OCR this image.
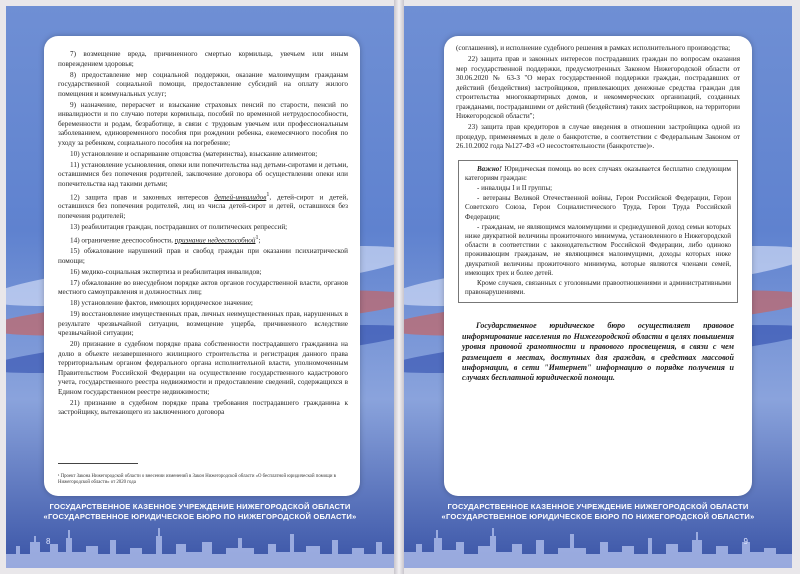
7) возмещение вреда, причиненного смертью кормильца, увечьем или иным повреждением здоровья;

8) предоставление мер социальной поддержки, оказание малоимущим гражданам государственной социальной помощи, предоставление субсидий на оплату жилого помещения и коммунальных услуг;

9) назначение, перерасчет и взыскание страховых пенсий по старости, пенсий по инвалидности и по случаю потери кормильца, пособий по временной нетрудоспособности, беременности и родам, безработице, в связи с трудовым увечьем или профессиональным заболеванием, единовременного пособия при рождении ребенка, ежемесячного пособия по уходу за ребенком, социального пособия на погребение;

10) установление и оспаривание отцовства (материнства), взыскание алиментов;

11) установление усыновления, опеки или попечительства над детьми-сиротами и детьми, оставшимися без попечения родителей, заключение договора об осуществлении опеки или попечительства над такими детьми;

12) защита прав и законных интересов детей-инвалидов$^1$, детей-сирот и детей, оставшихся без попечения родителей, лиц из числа детей-сирот и детей, оставшихся без попечения родителей;

13) реабилитация граждан, пострадавших от политических репрессий;

14) ограничение дееспособности, признание недееспособной$^1$;

15) обжалование нарушений прав и свобод граждан при оказании психиатрической помощи;

16) медико-социальная экспертиза и реабилитация инвалидов;

17) обжалование во внесудебном порядке актов органов государственной власти, органов местного самоуправления и должностных лиц;

18) установление фактов, имеющих юридическое значение;

19) восстановление имущественных прав, личных неимущественных прав, нарушенных в результате чрезвычайной ситуации, возмещение ущерба, причиненного вследствие чрезвычайной ситуации;

20) признание в судебном порядке права собственности пострадавшего гражданина на долю в объекте незавершенного жилищного строительства и регистрация данного права территориальным органом федерального органа исполнительной власти, уполномоченным Правительством Российской Федерации на осуществление государственного кадастрового учета, государственного реестра недвижимости и предоставление сведений, содержащихся в Едином государственном реестре недвижимости;

21) признание в судебном порядке права требования пострадавшего гражданина к застройщику, вытекающего из заключенного договора

¹ Проект Закона Нижегородской области о внесении изменений в Закон Нижегородской области «О бесплатной юридической помощи в Нижегородской области» от 2020 года
ГОСУДАРСТВЕННОЕ КАЗЕННОЕ УЧРЕЖДЕНИЕ НИЖЕГОРОДСКОЙ ОБЛАСТИ
«ГОСУДАРСТВЕННОЕ ЮРИДИЧЕСКОЕ БЮРО ПО НИЖЕГОРОДСКОЙ ОБЛАСТИ»
8

(соглашения), и исполнение судебного решения в рамках исполнительного производства;

22) защита прав и законных интересов пострадавших граждан по вопросам оказания мер государственной поддержки, предусмотренных Законом Нижегородской области от 30.06.2020 № 63-З "О мерах государственной поддержки граждан, пострадавших от действий (бездействия) застройщиков, привлекающих денежные средства граждан для строительства многоквартирных домов, и некоммерческих организаций, созданных гражданами, пострадавшими от действий (бездействия) таких застройщиков, на территории Нижегородской области";

23) защита прав кредиторов в случае введения в отношении застройщика одной из процедур, применяемых в деле о банкротстве, в соответствии с Федеральным Законом от 26.10.2002 года №127-ФЗ «О несостоятельности (банкротстве)».

Важно! Юридическая помощь во всех случаях оказывается бесплатно следующим категориям граждан:

- инвалиды I и II группы;

- ветераны Великой Отечественной войны, Герои Российской Федерации, Герои Советского Союза, Герои Социалистического Труда, Герои Труда Российской Федерации;

- гражданам, не являющимся малоимущими и среднедушевой доход семьи которых ниже двукратной величины прожиточного минимума, установленного в Нижегородской области в соответствии с законодательством Российской Федерации, либо одиноко проживающим гражданам, не являющимся малоимущими, доходы которых ниже двукратной величины прожиточного минимума, которые являются членами семей, имеющих трех и более детей.

Кроме случаев, связанных с уголовными правоотношениями и административными правонарушениями.

Государственное юридическое бюро осуществляет правовое информирование населения по Нижегородской области в целях повышения уровня правовой грамотности и правового просвещения, в связи с чем размещает в местах, доступных для граждан, в средствах массовой информации, в сети "Интернет" информацию о порядке получения и случаях бесплатной юридической помощи.
ГОСУДАРСТВЕННОЕ КАЗЕННОЕ УЧРЕЖДЕНИЕ НИЖЕГОРОДСКОЙ ОБЛАСТИ
«ГОСУДАРСТВЕННОЕ ЮРИДИЧЕСКОЕ БЮРО ПО НИЖЕГОРОДСКОЙ ОБЛАСТИ»
9
